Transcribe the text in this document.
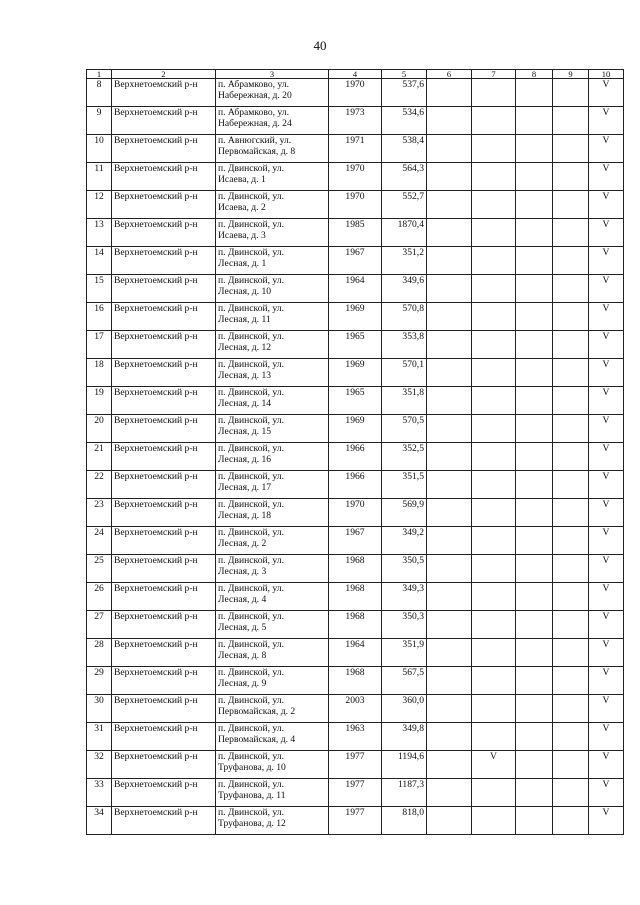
40
1	2	3	4	5	6	7	8	9	10
8	Верхнетоемский р-н	п. Абрамково, ул.
Набережная, д. 20	1970	537,6					V
9	Верхнетоемский р-н	п. Абрамково, ул.
Набережная, д. 24	1973	534,6					V
10	Верхнетоемский р-н	п. Авнюгский, ул.
Первомайская, д. 8	1971	538,4					V
11	Верхнетоемский р-н	п. Двинской, ул.
Исаева, д. 1	1970	564,3					V
12	Верхнетоемский р-н	п. Двинской, ул.
Исаева, д. 2	1970	552,7					V
13	Верхнетоемский р-н	п. Двинской, ул.
Исаева, д. 3	1985	1870,4					V
14	Верхнетоемский р-н	п. Двинской, ул.
Лесная, д. 1	1967	351,2					V
15	Верхнетоемский р-н	п. Двинской, ул.
Лесная, д. 10	1964	349,6					V
16	Верхнетоемский р-н	п. Двинской, ул.
Лесная, д. 11	1969	570,8					V
17	Верхнетоемский р-н	п. Двинской, ул.
Лесная, д. 12	1965	353,8					V
18	Верхнетоемский р-н	п. Двинской, ул.
Лесная, д. 13	1969	570,1					V
19	Верхнетоемский р-н	п. Двинской, ул.
Лесная, д. 14	1965	351,8					V
20	Верхнетоемский р-н	п. Двинской, ул.
Лесная, д. 15	1969	570,5					V
21	Верхнетоемский р-н	п. Двинской, ул.
Лесная, д. 16	1966	352,5					V
22	Верхнетоемский р-н	п. Двинской, ул.
Лесная, д. 17	1966	351,5					V
23	Верхнетоемский р-н	п. Двинской, ул.
Лесная, д. 18	1970	569,9					V
24	Верхнетоемский р-н	п. Двинской, ул.
Лесная, д. 2	1967	349,2					V
25	Верхнетоемский р-н	п. Двинской, ул.
Лесная, д. 3	1968	350,5					V
26	Верхнетоемский р-н	п. Двинской, ул.
Лесная, д. 4	1968	349,3					V
27	Верхнетоемский р-н	п. Двинской, ул.
Лесная, д. 5	1968	350,3					V
28	Верхнетоемский р-н	п. Двинской, ул.
Лесная, д. 8	1964	351,9					V
29	Верхнетоемский р-н	п. Двинской, ул.
Лесная, д. 9	1968	567,5					V
30	Верхнетоемский р-н	п. Двинской, ул.
Первомайская, д. 2	2003	360,0					V
31	Верхнетоемский р-н	п. Двинской, ул.
Первомайская, д. 4	1963	349,8					V
32	Верхнетоемский р-н	п. Двинской, ул.
Труфанова, д. 10	1977	1194,6		V			V
33	Верхнетоемский р-н	п. Двинской, ул.
Труфанова, д. 11	1977	1187,3					V
34	Верхнетоемский р-н	п. Двинской, ул.
Труфанова, д. 12	1977	818,0					V
